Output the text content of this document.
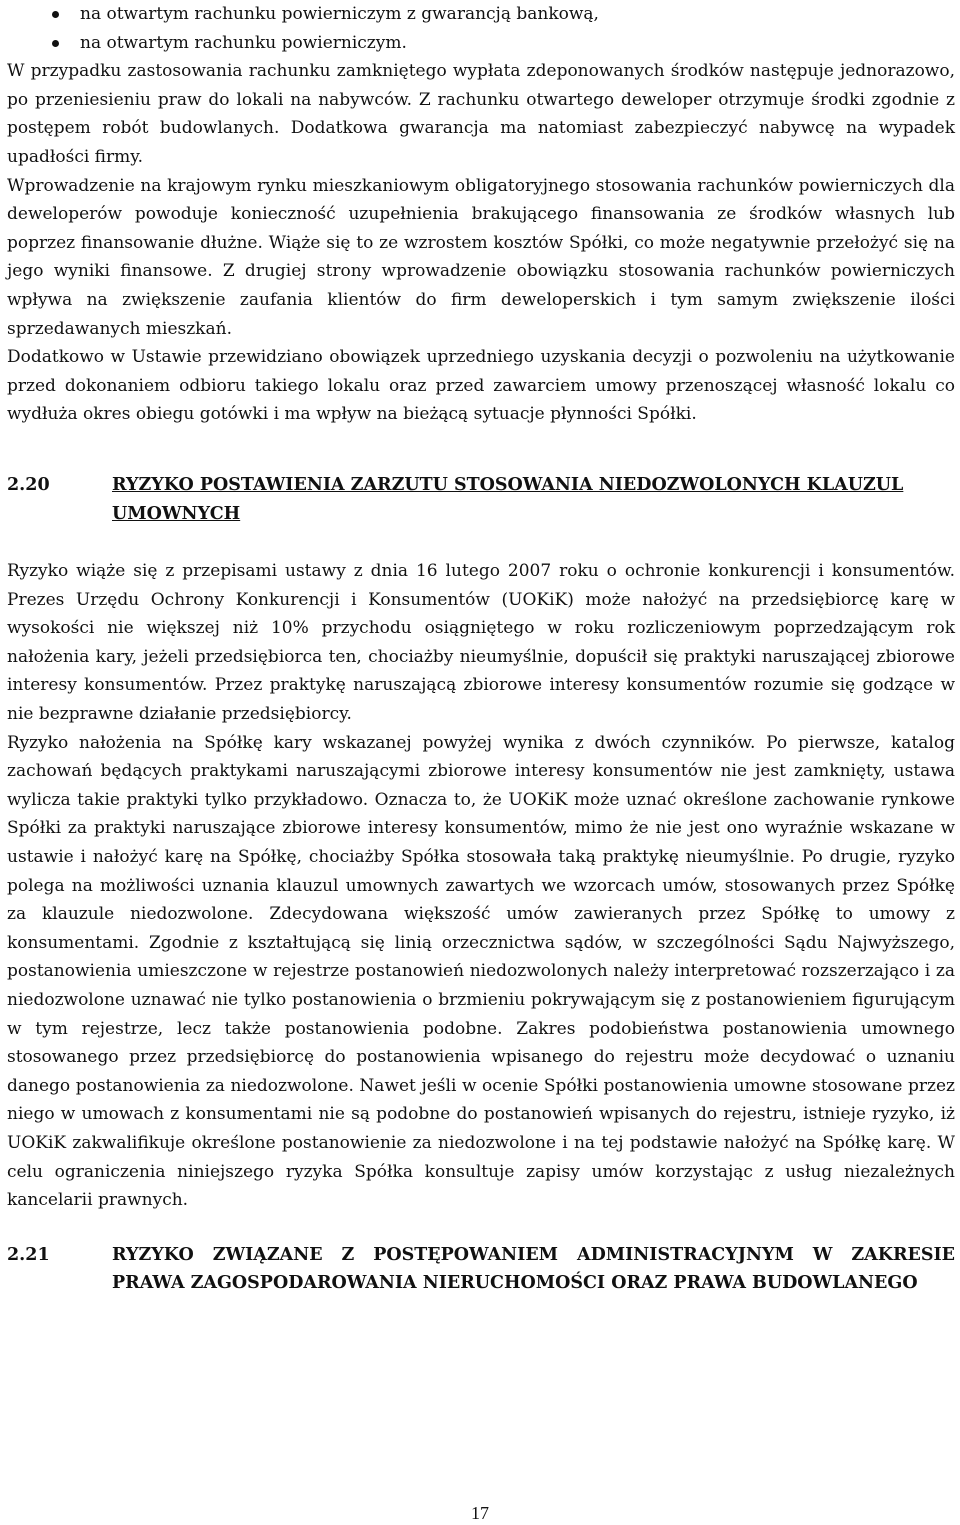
na otwartym rachunku powierniczym z gwarancją bankową,
na otwartym rachunku powierniczym.

W przypadku zastosowania rachunku zamkniętego wypłata zdeponowanych środków następuje jednorazowo, po przeniesieniu praw do lokali na nabywców. Z rachunku otwartego deweloper otrzymuje środki zgodnie z postępem robót budowlanych. Dodatkowa gwarancja ma natomiast zabezpieczyć nabywcę na wypadek upadłości firmy.

Wprowadzenie na krajowym rynku mieszkaniowym obligatoryjnego stosowania rachunków powierniczych dla deweloperów powoduje konieczność uzupełnienia brakującego finansowania ze środków własnych lub poprzez finansowanie dłużne. Wiąże się to ze wzrostem kosztów Spółki, co może negatywnie przełożyć się na jego wyniki finansowe. Z drugiej strony wprowadzenie obowiązku stosowania rachunków powierniczych wpływa na zwiększenie zaufania klientów do firm deweloperskich i tym samym zwiększenie ilości sprzedawanych mieszkań.

Dodatkowo w Ustawie przewidziano obowiązek uprzedniego uzyskania decyzji o pozwoleniu na użytkowanie przed dokonaniem odbioru takiego lokalu oraz przed zawarciem umowy przenoszącej własność lokalu co wydłuża okres obiegu gotówki i ma wpływ na bieżącą sytuacje płynności Spółki.

2.20	RYZYKO POSTAWIENIA ZARZUTU STOSOWANIA NIEDOZWOLONYCH KLAUZUL UMOWNYCH

Ryzyko wiąże się z przepisami ustawy z dnia 16 lutego 2007 roku o ochronie konkurencji i konsumentów. Prezes Urzędu Ochrony Konkurencji i Konsumentów (UOKiK) może nałożyć na przedsiębiorcę karę w wysokości nie większej niż 10% przychodu osiągniętego w roku rozliczeniowym poprzedzającym rok nałożenia kary, jeżeli przedsiębiorca ten, chociażby nieumyślnie, dopuścił się praktyki naruszającej zbiorowe interesy konsumentów. Przez praktykę naruszającą zbiorowe interesy konsumentów rozumie się godzące w nie bezprawne działanie przedsiębiorcy.

Ryzyko nałożenia na Spółkę kary wskazanej powyżej wynika z dwóch czynników. Po pierwsze, katalog zachowań będących praktykami naruszającymi zbiorowe interesy konsumentów nie jest zamknięty, ustawa wylicza takie praktyki tylko przykładowo. Oznacza to, że UOKiK może uznać określone zachowanie rynkowe Spółki za praktyki naruszające zbiorowe interesy konsumentów, mimo że nie jest ono wyraźnie wskazane w ustawie i nałożyć karę na Spółkę, chociażby Spółka stosowała taką praktykę nieumyślnie. Po drugie, ryzyko polega na możliwości uznania klauzul umownych zawartych we wzorcach umów, stosowanych przez Spółkę za klauzule niedozwolone. Zdecydowana większość umów zawieranych przez Spółkę to umowy z konsumentami. Zgodnie z kształtującą się linią orzecznictwa sądów, w szczególności Sądu Najwyższego, postanowienia umieszczone w rejestrze postanowień niedozwolonych należy interpretować rozszerzająco i za niedozwolone uznawać nie tylko postanowienia o brzmieniu pokrywającym się z postanowieniem figurującym w tym rejestrze, lecz także postanowienia podobne. Zakres podobieństwa postanowienia umownego stosowanego przez przedsiębiorcę do postanowienia wpisanego do rejestru może decydować o uznaniu danego postanowienia za niedozwolone. Nawet jeśli w ocenie Spółki postanowienia umowne stosowane przez niego w umowach z konsumentami nie są podobne do postanowień wpisanych do rejestru, istnieje ryzyko, iż UOKiK zakwalifikuje określone postanowienie za niedozwolone i na tej podstawie nałożyć na Spółkę karę. W celu ograniczenia niniejszego ryzyka Spółka konsultuje zapisy umów korzystając z usług niezależnych kancelarii prawnych.

2.21	RYZYKO ZWIĄZANE Z POSTĘPOWANIEM ADMINISTRACYJNYM W ZAKRESIE PRAWA ZAGOSPODAROWANIA NIERUCHOMOŚCI ORAZ PRAWA BUDOWLANEGO
17
